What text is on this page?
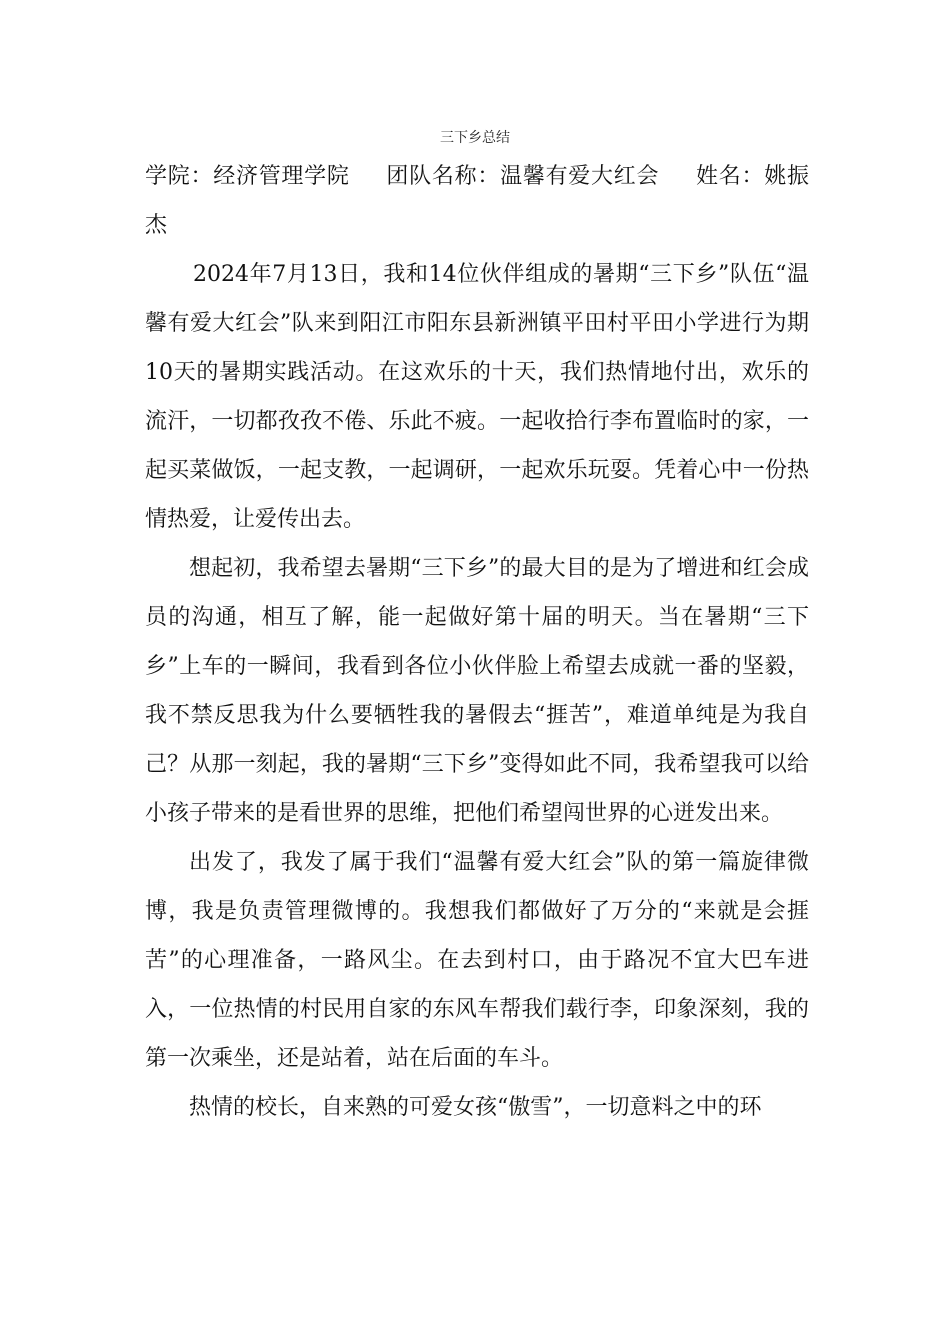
三下乡总结

学院：经济管理学院 团队名称：温馨有爱大红会 姓名：姚振杰

2024年7月13日，我和14位伙伴组成的暑期“三下乡”队伍“温馨有爱大红会”队来到阳江市阳东县新洲镇平田村平田小学进行为期10天的暑期实践活动。在这欢乐的十天，我们热情地付出，欢乐的流汗，一切都孜孜不倦、乐此不疲。一起收拾行李布置临时的家，一起买菜做饭，一起支教，一起调研，一起欢乐玩耍。凭着心中一份热情热爱，让爱传出去。

想起初，我希望去暑期“三下乡”的最大目的是为了增进和红会成员的沟通，相互了解，能一起做好第十届的明天。当在暑期“三下乡”上车的一瞬间，我看到各位小伙伴脸上希望去成就一番的坚毅，我不禁反思我为什么要牺牲我的暑假去“捱苦”，难道单纯是为我自己？从那一刻起，我的暑期“三下乡”变得如此不同，我希望我可以给小孩子带来的是看世界的思维，把他们希望闯世界的心迸发出来。

出发了，我发了属于我们“温馨有爱大红会”队的第一篇旋律微博，我是负责管理微博的。我想我们都做好了万分的“来就是会捱苦”的心理准备，一路风尘。在去到村口，由于路况不宜大巴车进入，一位热情的村民用自家的东风车帮我们载行李，印象深刻，我的第一次乘坐，还是站着，站在后面的车斗。

热情的校长，自来熟的可爱女孩“傲雪”，一切意料之中的环
